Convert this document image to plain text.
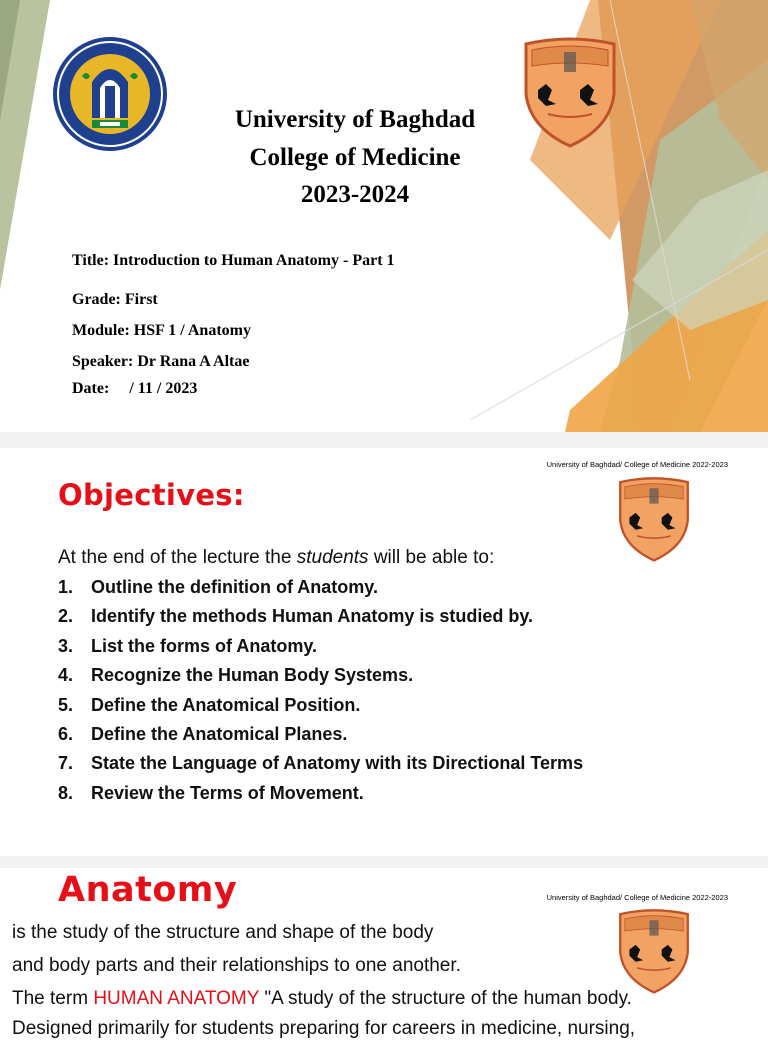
University of Baghdad
College of Medicine
2023-2024
Title: Introduction to Human Anatomy - Part 1
Grade: First
Module: HSF 1 / Anatomy
Speaker: Dr Rana A Altae
Date:     / 11 / 2023
University of Baghdad/ College of Medicine 2022-2023
Objectives:
At the end of the lecture the students will be able to:
1. Outline the definition of Anatomy.
2. Identify the methods Human Anatomy is studied by.
3. List the forms of Anatomy.
4. Recognize the Human Body Systems.
5. Define the Anatomical Position.
6. Define the Anatomical Planes.
7. State the Language of Anatomy with its Directional Terms
8. Review the Terms of Movement.
University of Baghdad/ College of Medicine 2022-2023
Anatomy
is the study of the structure and shape of the body
and body parts and their relationships to one another.
The term HUMAN ANATOMY "A study of the structure of the human body.
Designed primarily for students preparing for careers in medicine, nursing,
